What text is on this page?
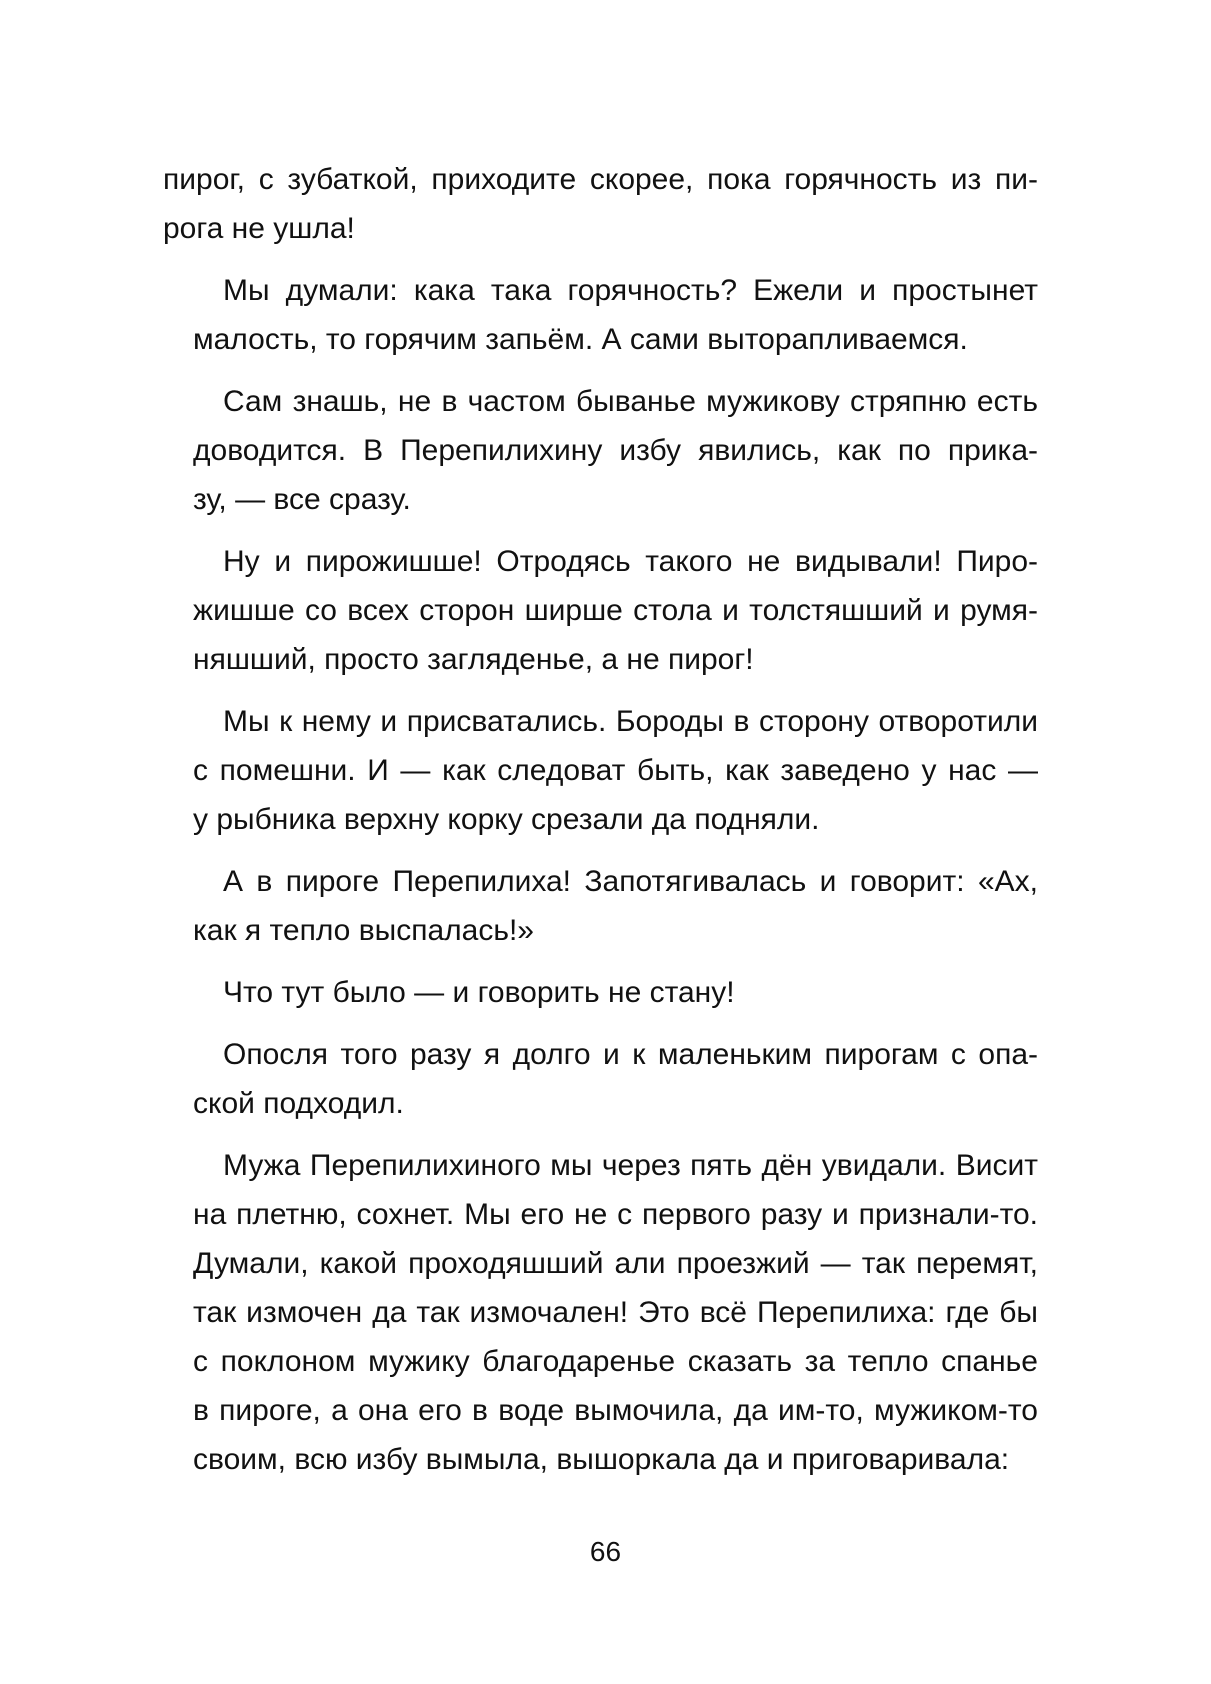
пирог, с зубаткой, приходите скорее, пока горячность из пи-
рога не ушла!
Мы думали: кака така горячность? Ежели и простынет
малость, то горячим запьём. А сами выторапливаемся.
Сам знашь, не в частом быванье мужикову стряпню есть
доводится. В Перепилихину избу явились, как по прика-
зу, — все сразу.
Ну и пирожишше! Отродясь такого не видывали! Пиро-
жишше со всех сторон ширше стола и толстяшший и румя-
няшший, просто загляденье, а не пирог!
Мы к нему и присватались. Бороды в сторону отворотили
с помешни. И — как следоват быть, как заведено у нас —
у рыбника верхну корку срезали да подняли.
А в пироге Перепилиха! Запотягивалась и говорит: «Ах,
как я тепло выспалась!»
Что тут было — и говорить не стану!
Опосля того разу я долго и к маленьким пирогам с опа-
ской подходил.
Мужа Перепилихиного мы через пять дён увидали. Висит
на плетню, сохнет. Мы его не с первого разу и признали-то.
Думали, какой проходяшший али проезжий — так перемят,
так измочен да так измочален! Это всё Перепилиха: где бы
с поклоном мужику благодаренье сказать за тепло спанье
в пироге, а она его в воде вымочила, да им-то, мужиком-то
своим, всю избу вымыла, вышоркала да и приговаривала:
66
